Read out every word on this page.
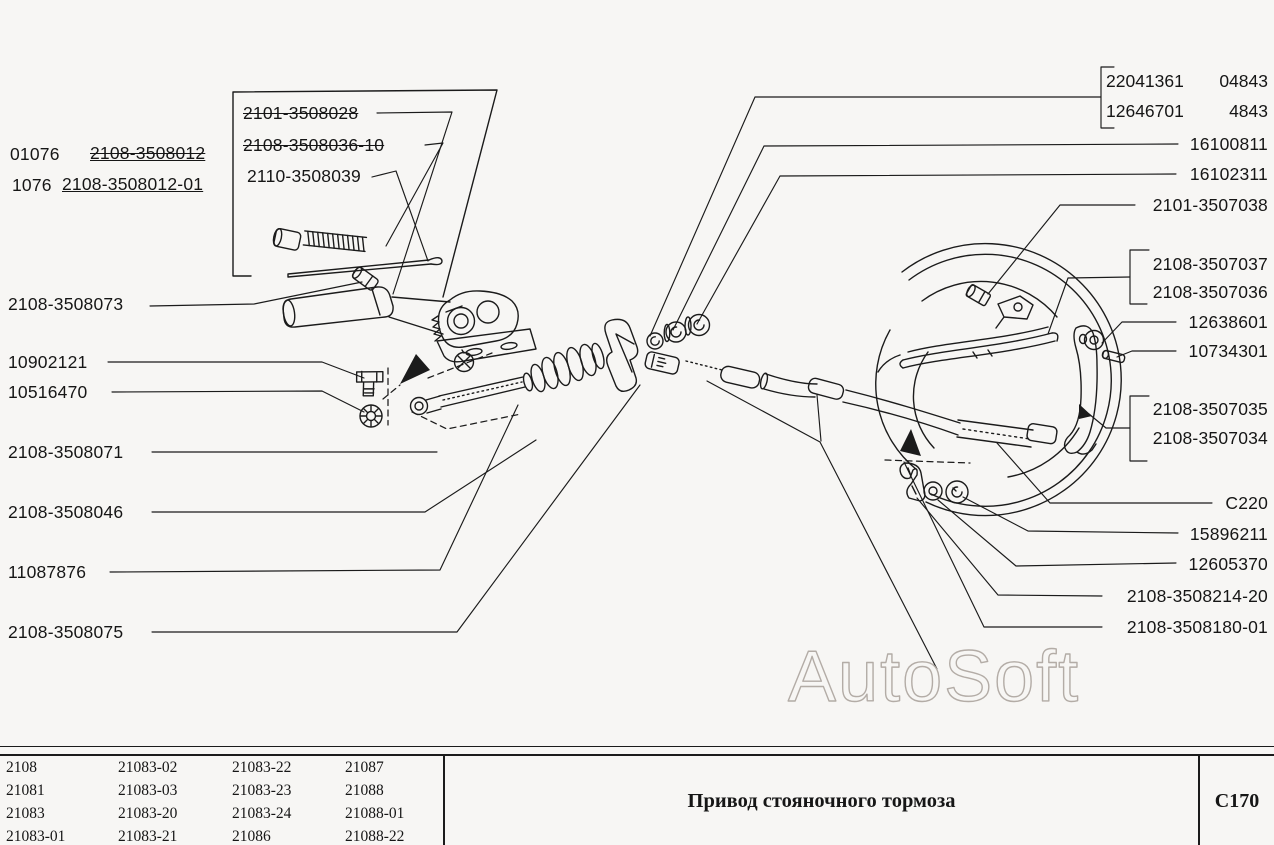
AutoSoft
01076 2108-3508012
1076 2108-3508012-01
2101-3508028
2108-3508036-10
2110-3508039
2108-3508073
10902121
10516470
2108-3508071
2108-3508046
11087876
2108-3508075
22041361 04843
12646701	4843
16100811
16102311
2101-3507038
2108-3507037
2108-3507036
12638601
10734301
2108-3507035
2108-3507034
С220
15896211
12605370
2108-3508214-20
2108-3508180-01
2108	21083-02	21083-22	21087
21081	21083-03	21083-23	21088
21083	21083-20	21083-24	21088-01
21083-01	21083-21	21086	21088-22
Привод стояночного тормоза	С170
